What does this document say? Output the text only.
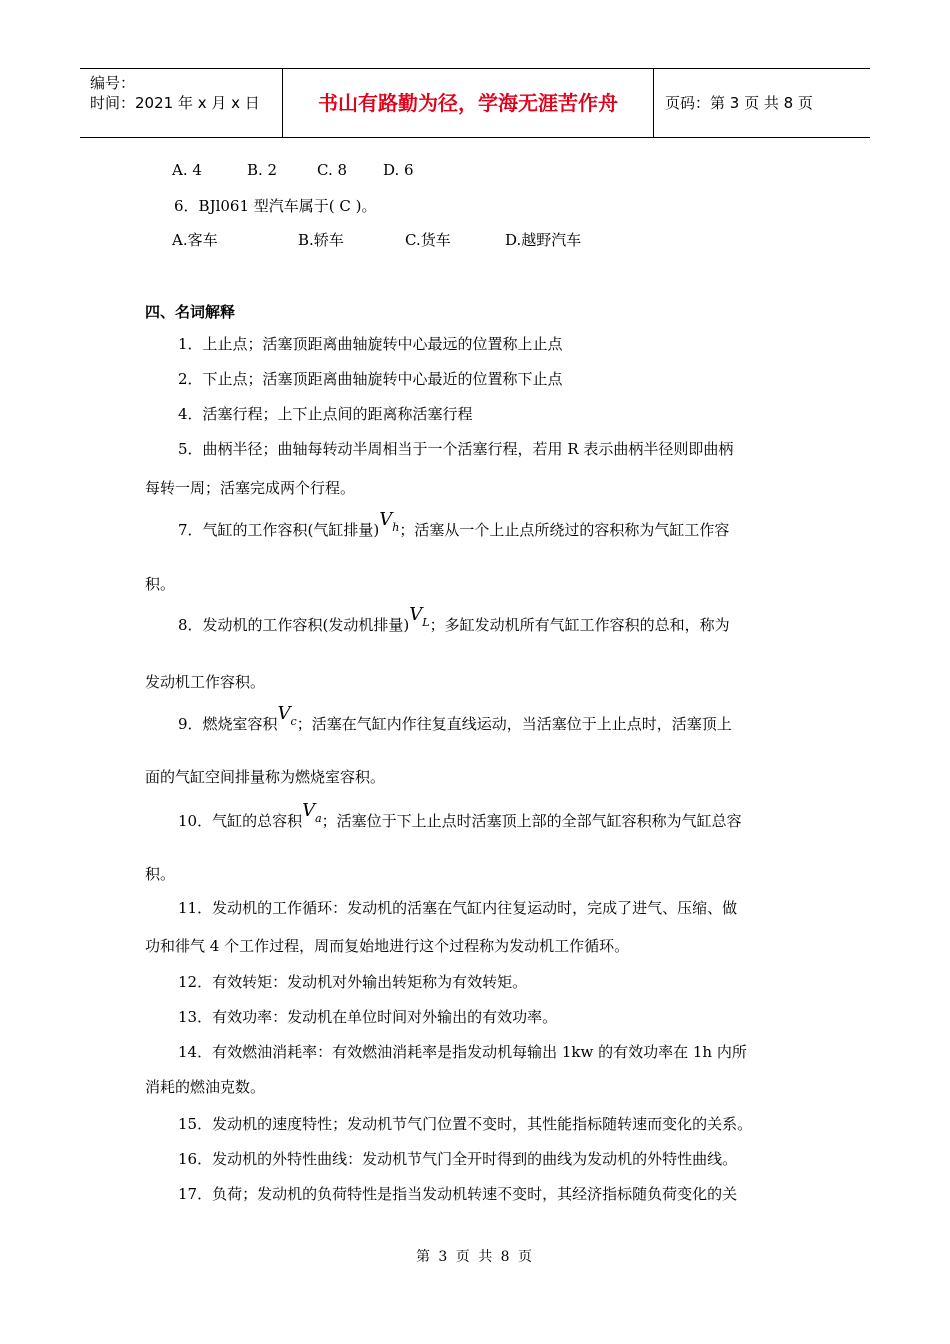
编号：
时间：2021 年 x 月 x 日	书山有路勤为径，学海无涯苦作舟	页码：第 3 页 共 8 页
A. 4	B. 2	C. 8 D. 6
6．BJl061 型汽车属于( C )。
A.客车	B.轿车	C.货车	D.越野汽车
四、名词解释
1．上止点；活塞顶距离曲轴旋转中心最远的位置称上止点
2．下止点；活塞顶距离曲轴旋转中心最近的位置称下止点
4．活塞行程；上下止点间的距离称活塞行程
5．曲柄半径；曲轴每转动半周相当于一个活塞行程，若用 R 表示曲柄半径则即曲柄
每转一周；活塞完成两个行程。
7．气缸的工作容积(气缸排量)$V_h$；活塞从一个上止点所绕过的容积称为气缸工作容
积。
8．发动机的工作容积(发动机排量)$V_L$；多缸发动机所有气缸工作容积的总和，称为
发动机工作容积。
9．燃烧室容积$V_c$；活塞在气缸内作往复直线运动，当活塞位于上止点时，活塞顶上
面的气缸空间排量称为燃烧室容积。
10．气缸的总容积$V_a$；活塞位于下上止点时活塞顶上部的全部气缸容积称为气缸总容
积。
11．发动机的工作循环：发动机的活塞在气缸内往复运动时，完成了进气、压缩、做
功和徘气 4 个工作过程，周而复始地进行这个过程称为发动机工作循环。
12．有效转矩：发动机对外输出转矩称为有效转矩。
13．有效功率：发动机在单位时间对外输出的有效功率。
14．有效燃油消耗率：有效燃油消耗率是指发动机每输出 1kw 的有效功率在 1h 内所
消耗的燃油克数。
15．发动机的速度特性；发动机节气门位置不变时，其性能指标随转速而变化的关系。
16．发动机的外特性曲线：发动机节气门全开时得到的曲线为发动机的外特性曲线。
17．负荷；发动机的负荷特性是指当发动机转速不变时，其经济指标随负荷变化的关
第 3 页 共 8 页
